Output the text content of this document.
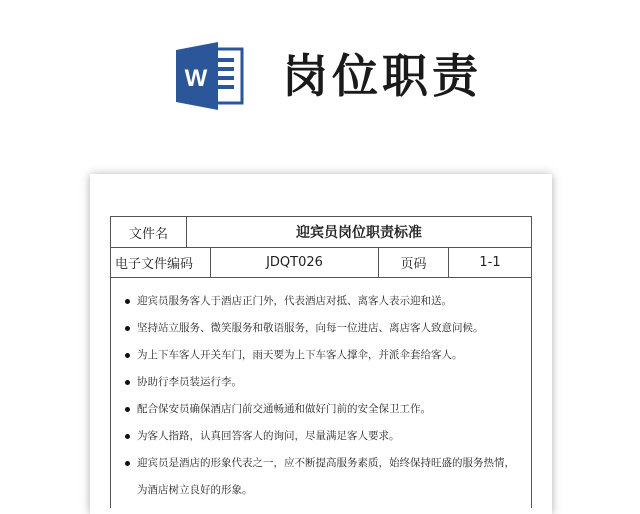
W 岗位职责
文件名	迎宾员岗位职责标准
电子文件编码	JDQT026	页码	1-1
迎宾员服务客人于酒店正门外，代表酒店对抵、离客人表示迎和送。
坚持站立服务、微笑服务和敬语服务，向每一位进店、离店客人致意问候。
为上下车客人开关车门，雨天要为上下车客人撑伞，并派伞套给客人。
协助行李员装运行李。
配合保安员确保酒店门前交通畅通和做好门前的安全保卫工作。
为客人指路，认真回答客人的询问，尽量满足客人要求。
迎宾员是酒店的形象代表之一，应不断提高服务素质，始终保持旺盛的服务热情，
为酒店树立良好的形象。
